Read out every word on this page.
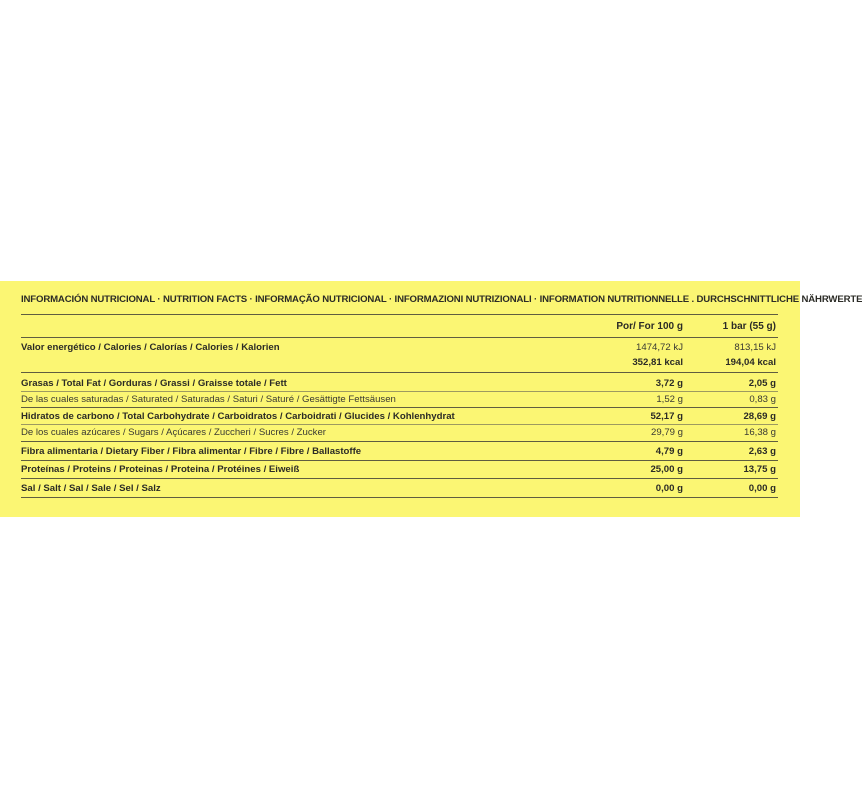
INFORMACIÓN NUTRICIONAL · NUTRITION FACTS · INFORMAÇÃO NUTRICIONAL · INFORMAZIONI NUTRIZIONALI · INFORMATION NUTRITIONNELLE . DURCHSCHNITTLICHE NÄHRWERTE
Por/ For 100 g	1 bar (55 g)
Valor energético / Calories / Calorías / Calories / Kalorien	1474,72 kJ	813,15 kJ
352,81 kcal	194,04 kcal
Grasas / Total Fat / Gorduras / Grassi / Graisse totale / Fett	3,72 g	2,05 g
De las cuales saturadas / Saturated / Saturadas / Saturi / Saturé / Gesättigte Fettsäusen	1,52 g	0,83 g
Hidratos de carbono / Total Carbohydrate / Carboidratos / Carboidrati / Glucides / Kohlenhydrat	52,17 g	28,69 g
De los cuales azúcares / Sugars / Açúcares / Zuccheri / Sucres / Zucker	29,79 g	16,38 g
Fibra alimentaria / Dietary Fiber / Fibra alimentar / Fibre / Fibre / Ballastoffe	4,79 g	2,63 g
Proteínas / Proteins / Proteinas / Proteina / Protéines / Eiweiß	25,00 g	13,75 g
Sal / Salt / Sal / Sale / Sel / Salz	0,00 g	0,00 g
